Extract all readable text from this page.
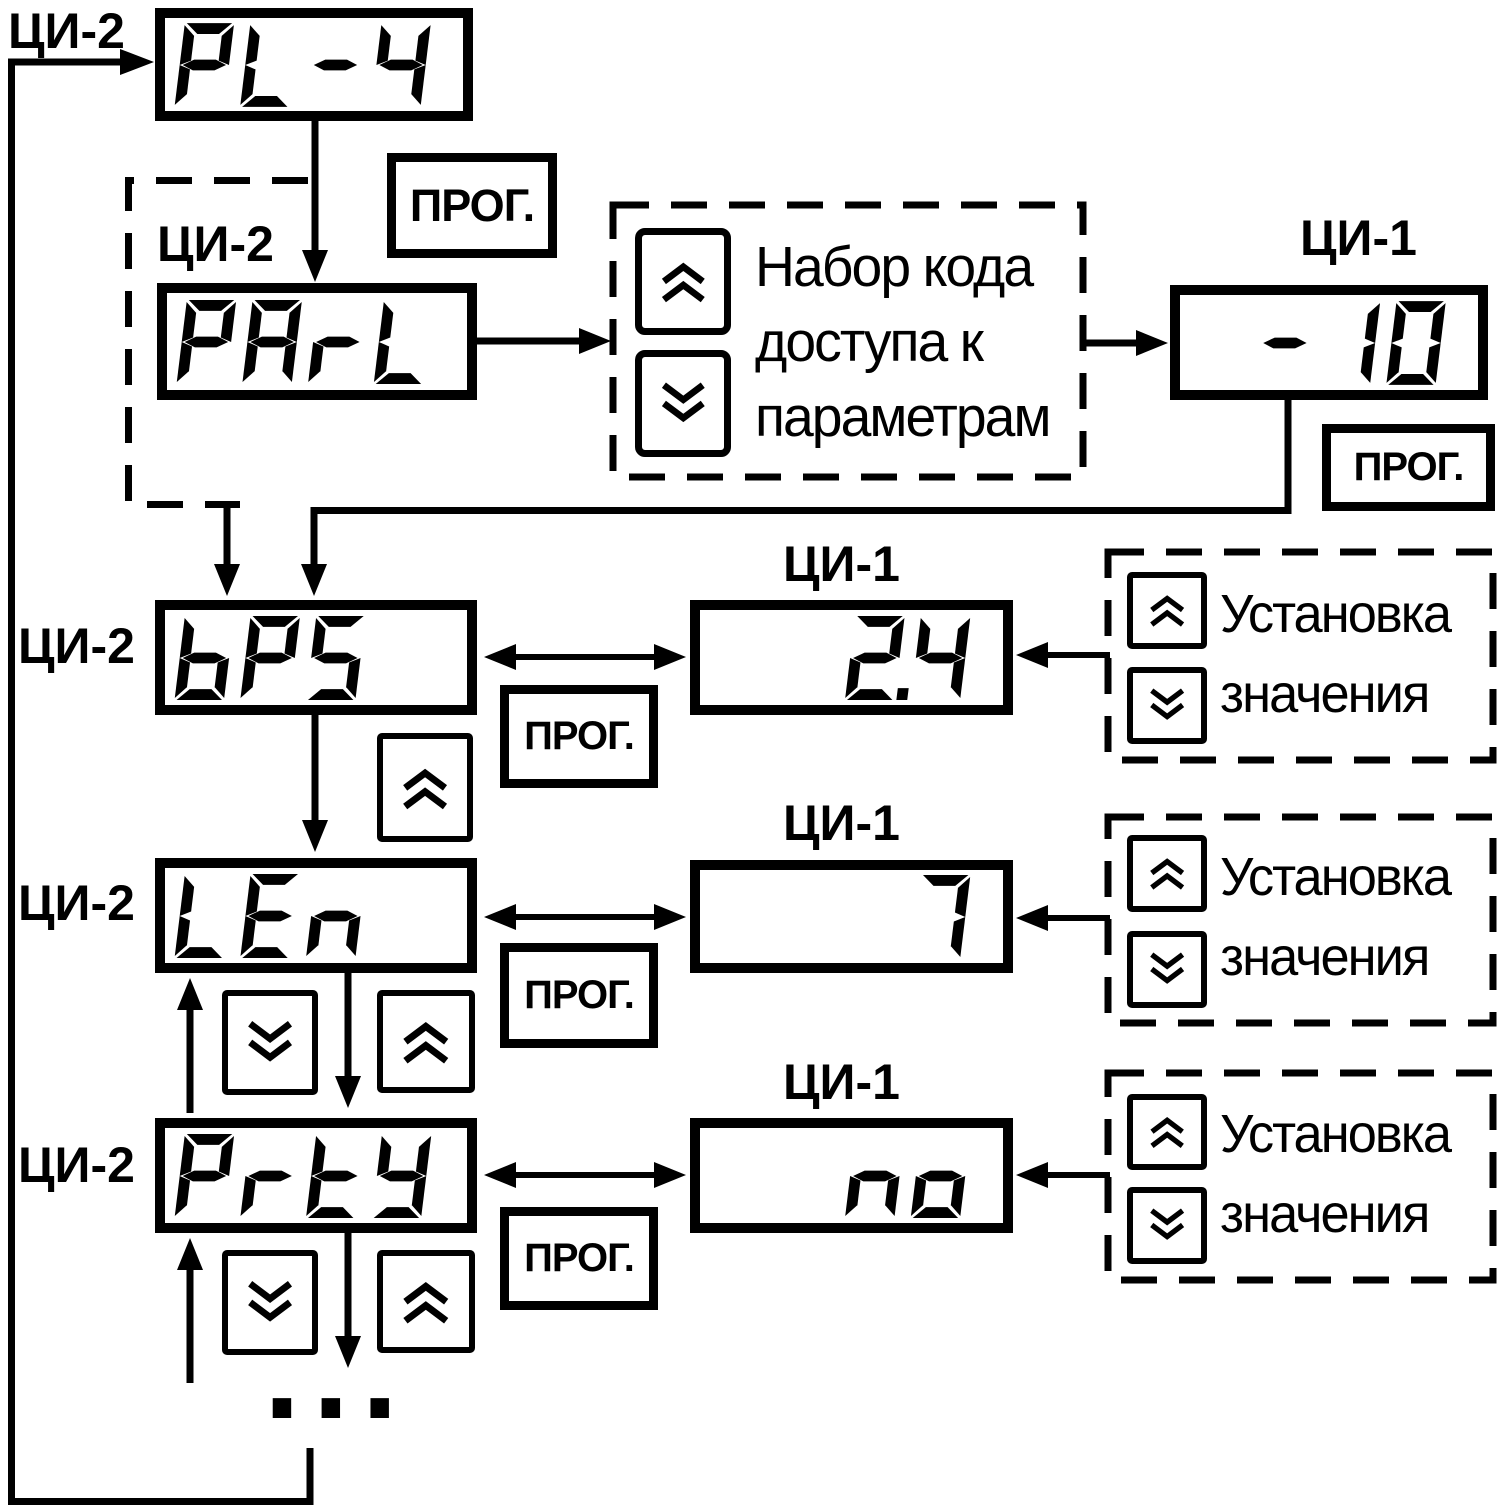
ЦИ-2
ЦИ-2
ЦИ-2
ЦИ-2
ЦИ-2
ЦИ-1
ЦИ-1
ЦИ-1
ЦИ-1
ПРОГ.
ПРОГ.
ПРОГ.
ПРОГ.
ПРОГ.
Набор кода
доступа к
параметрам
Установка
значения
Установка
значения
Установка
значения
...
